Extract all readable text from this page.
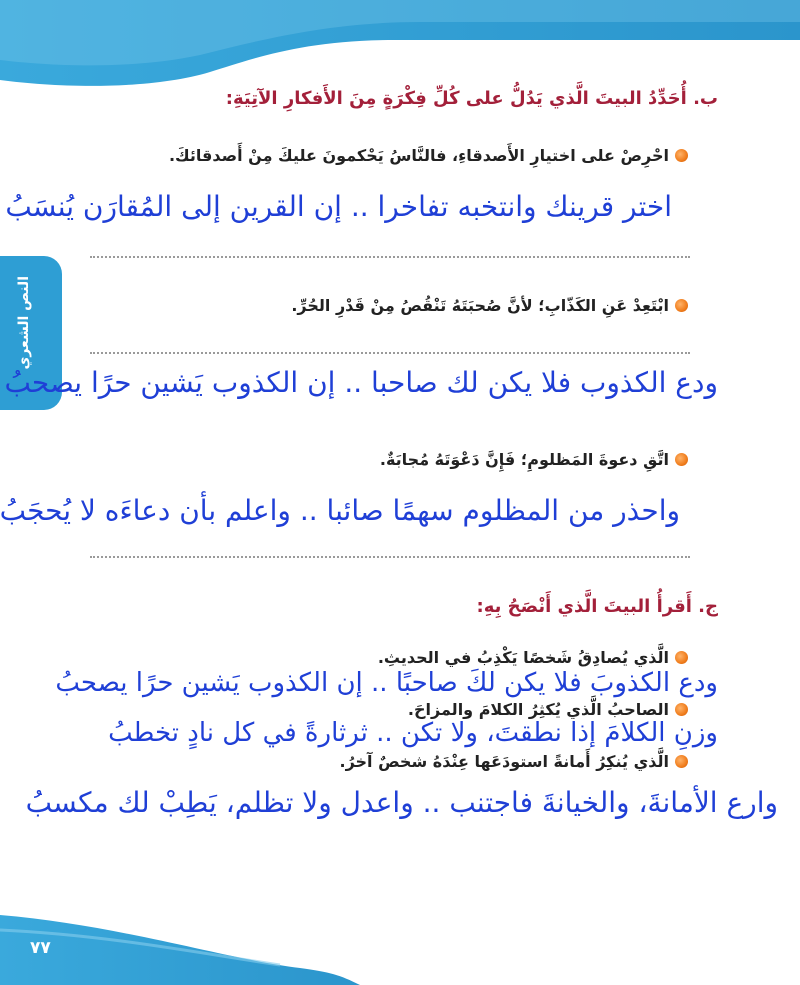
النص الشعري
ب. أُحَدِّدُ البيتَ الَّذي يَدُلُّ على كُلِّ فِكْرَةٍ مِنَ الأَفكارِ الآتِيَةِ:
احْرِصْ على اختيارِ الأَصدقاءِ، فالنَّاسُ يَحْكمونَ عليكَ مِنْ أَصدقائكَ.
اختر قرينك وانتخبه تفاخرا .. إن القرين إلى المُقارَن يُنسَبُ
ابْتَعِدْ عَنِ الكَذّابِ؛ لأنَّ صُحبَتَهُ تَنْقُصُ مِنْ قَدْرِ الحُرِّ.
ودع الكذوب فلا يكن لك صاحبا .. إن الكذوب يَشين حرًا يصحبُ
اتَّقِ دعوةَ المَظلومِ؛ فَإِنَّ دَعْوَتَهُ مُجابَةٌ.
واحذر من المظلوم سهمًا صائبا .. واعلم بأن دعاءَه لا يُحجَبُ
ج. أَقرأُ البيتَ الَّذي أَنْصَحُ بِهِ:
الَّذي يُصادِقُ شَخصًا يَكْذِبُ في الحديثِ.
ودع الكذوبَ فلا يكن لكَ صاحبًا .. إن الكذوب يَشين حرًا يصحبُ
الصاحبُ الَّذي يُكثِرُ الكلامَ والمزاحَ.
وزنِ الكلامَ إذا نطقتَ، ولا تكن .. ثرثارةً في كل نادٍ تخطبُ
الَّذي يُنكِرُ أَمانةً استودَعَها عِنْدَهُ شخصٌ آخرُ.
وارع الأمانةَ، والخيانةَ فاجتنب .. واعدل ولا تظلم، يَطِبْ لك مكسبُ
٧٧
